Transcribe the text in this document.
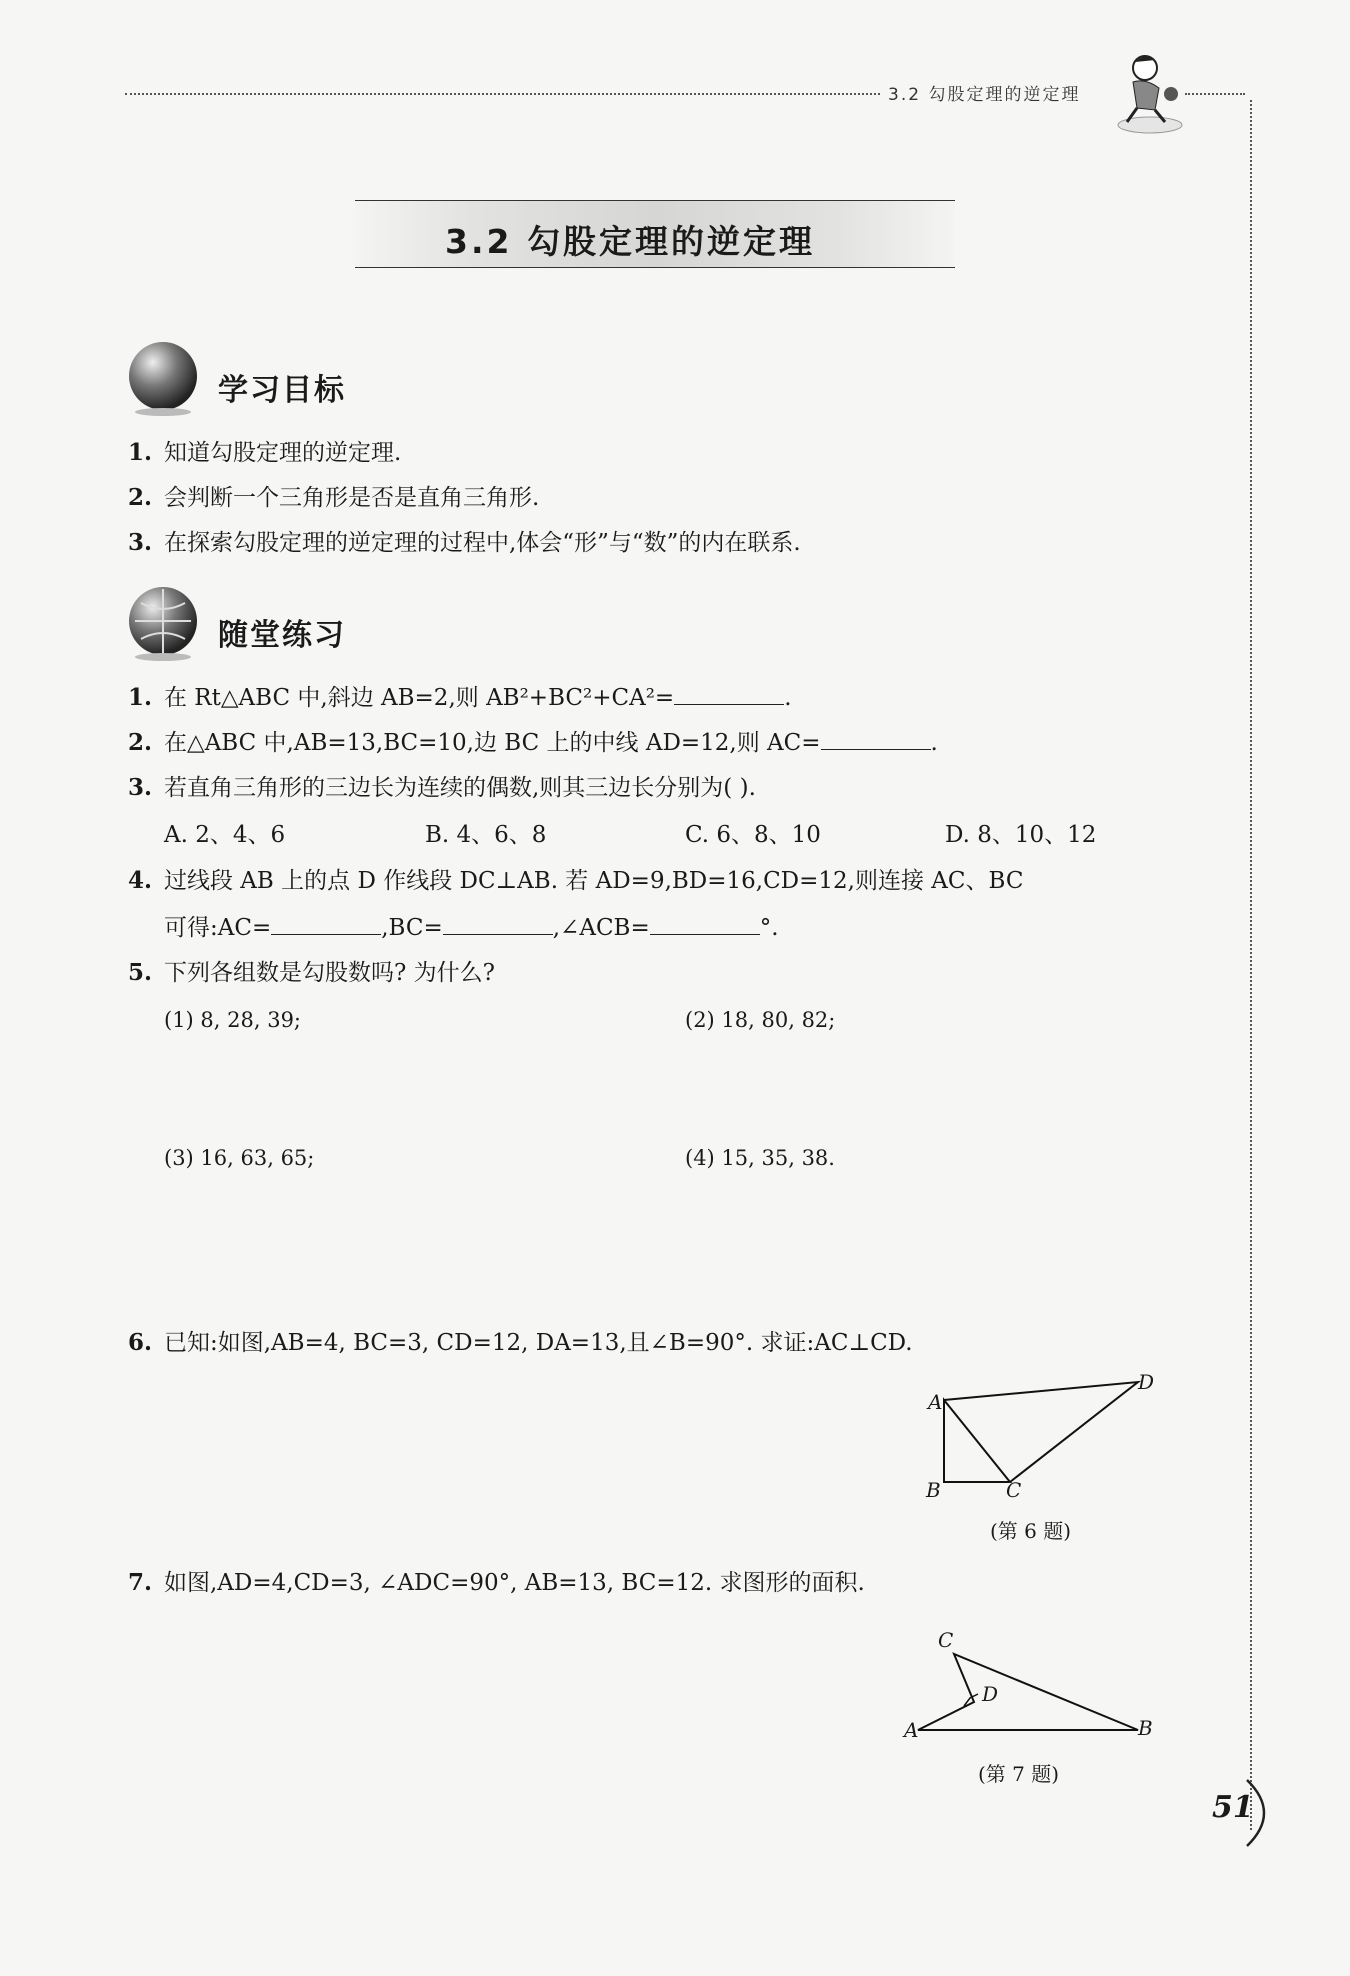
3.2 勾股定理的逆定理
3.2 勾股定理的逆定理
学习目标
1. 知道勾股定理的逆定理.
2. 会判断一个三角形是否是直角三角形.
3. 在探索勾股定理的逆定理的过程中,体会“形”与“数”的内在联系.
随堂练习
1. 在 Rt△ABC 中,斜边 AB=2,则 AB²+BC²+CA²=	.
2. 在△ABC 中,AB=13,BC=10,边 BC 上的中线 AD=12,则 AC=	.
3. 若直角三角形的三边长为连续的偶数,则其三边长分别为( ).
A. 2、4、6	B. 4、6、8	C. 6、8、10	D. 8、10、12
4. 过线段 AB 上的点 D 作线段 DC⊥AB. 若 AD=9,BD=16,CD=12,则连接 AC、BC
可得:AC=	,BC=	,∠ACB=	°.
5. 下列各组数是勾股数吗? 为什么?
(1) 8, 28, 39;	(2) 18, 80, 82;
(3) 16, 63, 65;	(4) 15, 35, 38.
6. 已知:如图,AB=4, BC=3, CD=12, DA=13,且∠B=90°. 求证:AC⊥CD.
A
B	C
D
(第 6 题)
7. 如图,AD=4,CD=3, ∠ADC=90°, AB=13, BC=12. 求图形的面积.
C
D
A	B
(第 7 题)
51
